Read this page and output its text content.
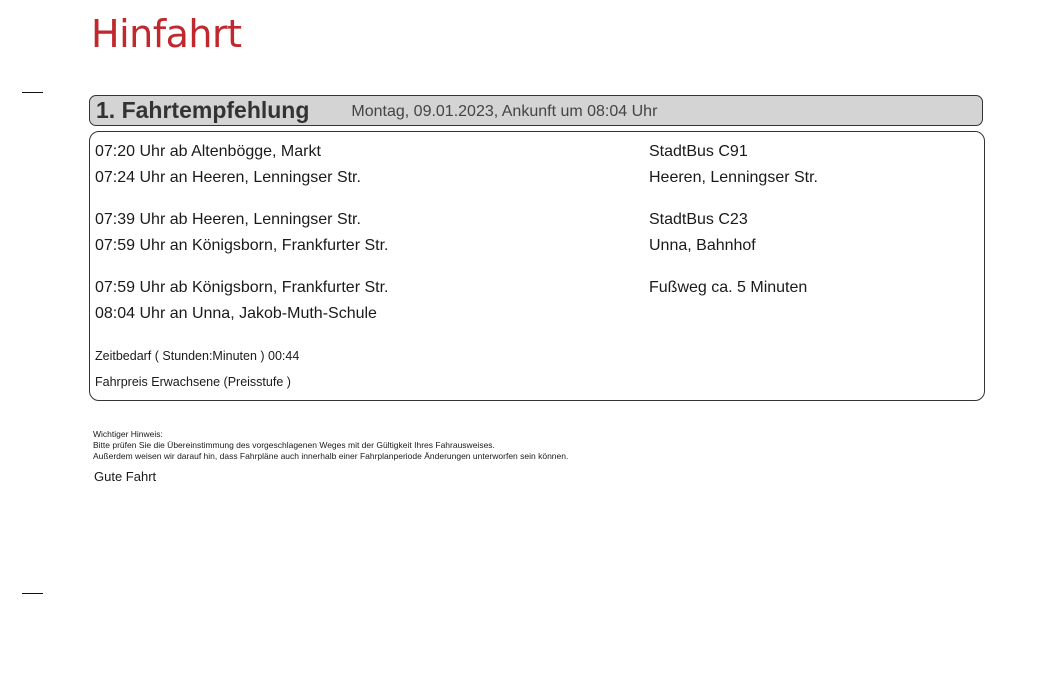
Hinfahrt
1. Fahrtempfehlung	Montag, 09.01.2023, Ankunft um 08:04 Uhr
07:20 Uhr ab Altenbögge, Markt	StadtBus C91
07:24 Uhr an Heeren, Lenningser Str.	Heeren, Lenningser Str.
07:39 Uhr ab Heeren, Lenningser Str.	StadtBus C23
07:59 Uhr an Königsborn, Frankfurter Str.	Unna, Bahnhof
07:59 Uhr ab Königsborn, Frankfurter Str.	Fußweg ca. 5 Minuten
08:04 Uhr an Unna, Jakob-Muth-Schule
Zeitbedarf ( Stunden:Minuten ) 00:44
Fahrpreis Erwachsene (Preisstufe )
Wichtiger Hinweis:
Bitte prüfen Sie die Übereinstimmung des vorgeschlagenen Weges mit der Gültigkeit Ihres Fahrausweises.
Außerdem weisen wir darauf hin, dass Fahrpläne auch innerhalb einer Fahrplanperiode Änderungen unterworfen sein können.
Gute Fahrt
